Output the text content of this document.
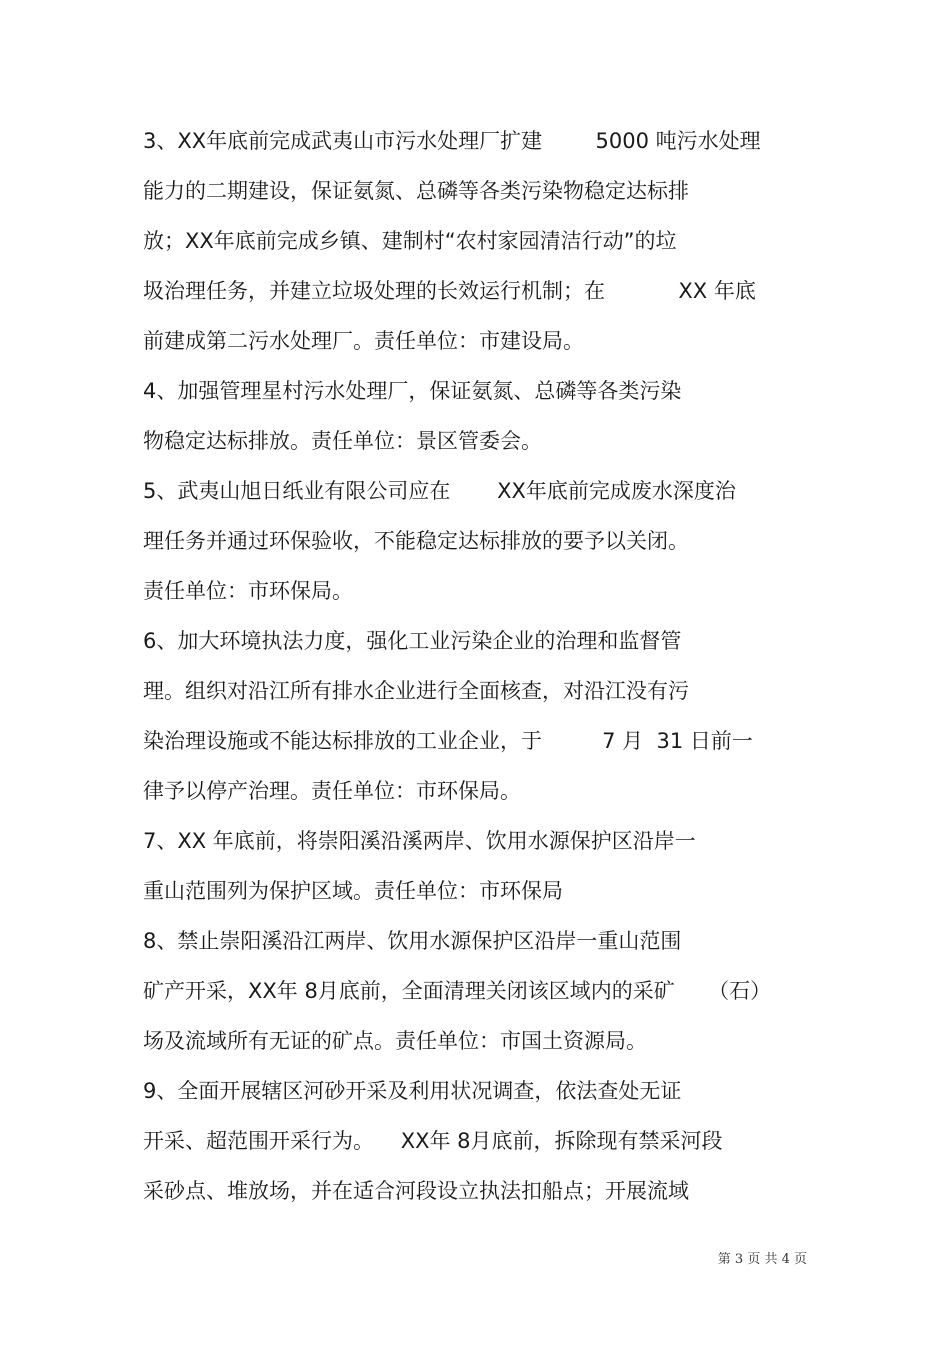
3、XX年底前完成武夷山市污水处理厂扩建        5000 吨污水处理
能力的二期建设，保证氨氮、总磷等各类污染物稳定达标排
放；XX年底前完成乡镇、建制村“农村家园清洁行动”的垃
圾治理任务，并建立垃圾处理的长效运行机制；在           XX 年底
前建成第二污水处理厂。责任单位：市建设局。
4、加强管理星村污水处理厂，保证氨氮、总磷等各类污染
物稳定达标排放。责任单位：景区管委会。
5、武夷山旭日纸业有限公司应在       XX年底前完成废水深度治
理任务并通过环保验收，不能稳定达标排放的要予以关闭。
责任单位：市环保局。
6、加大环境执法力度，强化工业污染企业的治理和监督管
理。组织对沿江所有排水企业进行全面核查，对沿江没有污
染治理设施或不能达标排放的工业企业，于         7 月  31 日前一
律予以停产治理。责任单位：市环保局。
7、XX 年底前，将崇阳溪沿溪两岸、饮用水源保护区沿岸一
重山范围列为保护区域。责任单位：市环保局
8、禁止崇阳溪沿江两岸、饮用水源保护区沿岸一重山范围
矿产开采，XX年 8月底前，全面清理关闭该区域内的采矿     （石）
场及流域所有无证的矿点。责任单位：市国土资源局。
9、全面开展辖区河砂开采及利用状况调查，依法查处无证
开采、超范围开采行为。    XX年 8月底前，拆除现有禁采河段
采砂点、堆放场，并在适合河段设立执法扣船点；开展流域
第 3 页 共 4 页
